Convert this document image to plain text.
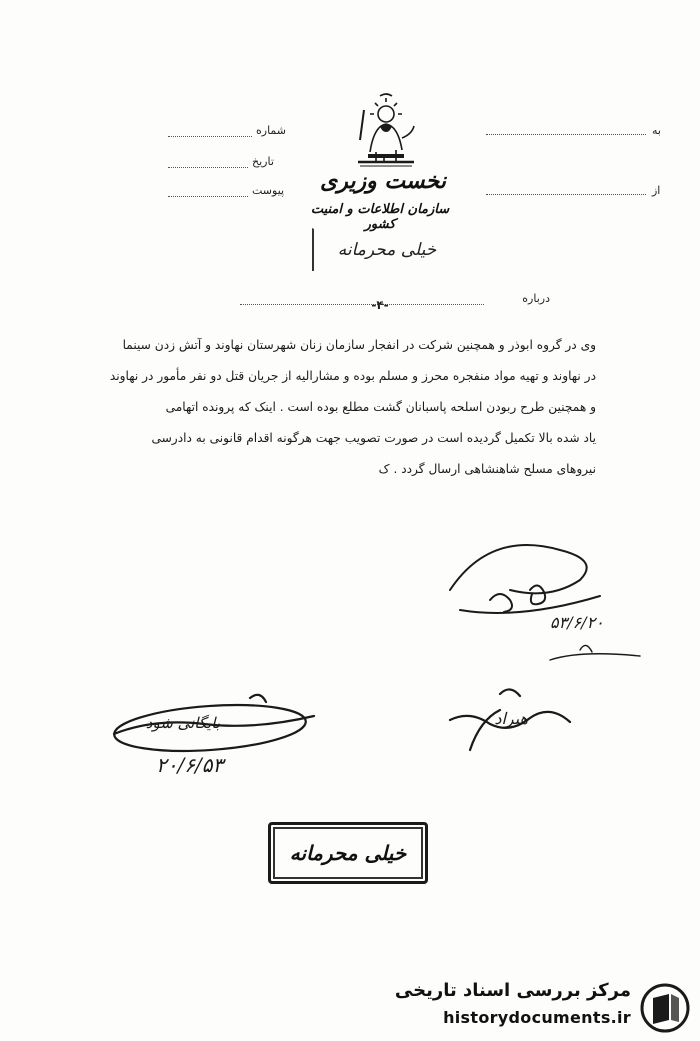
شماره
تاریخ
پیوست
به
از
نخست وزیری
سازمان اطلاعات و امنیت کشور
خیلی محرمانه
درباره
-۴-

وی در گروه ابوذر و همچنین شرکت در انفجار سازمان زنان شهرستان نهاوند و آتش زدن سینما

در نهاوند و تهیه مواد منفجره محرز و مسلم بوده و مشارالیه از جریان قتل دو نفر مأمور در نهاوند

و همچنین طرح ربودن اسلحه پاسبانان گشت مطلع بوده است . اینک که پرونده اتهامی

یاد شده بالا تکمیل گردیده است در صورت تصویب جهت هرگونه اقدام قانونی به دادرسی

نیروهای مسلح شاهنشاهی ارسال گردد . ک

۵۳/۶/۲۰
بایگانی شود
۲۰/۶/۵۳
هیراد
خیلی محرمانه
مرکز بررسی اسناد تاریخی
historydocuments.ir
